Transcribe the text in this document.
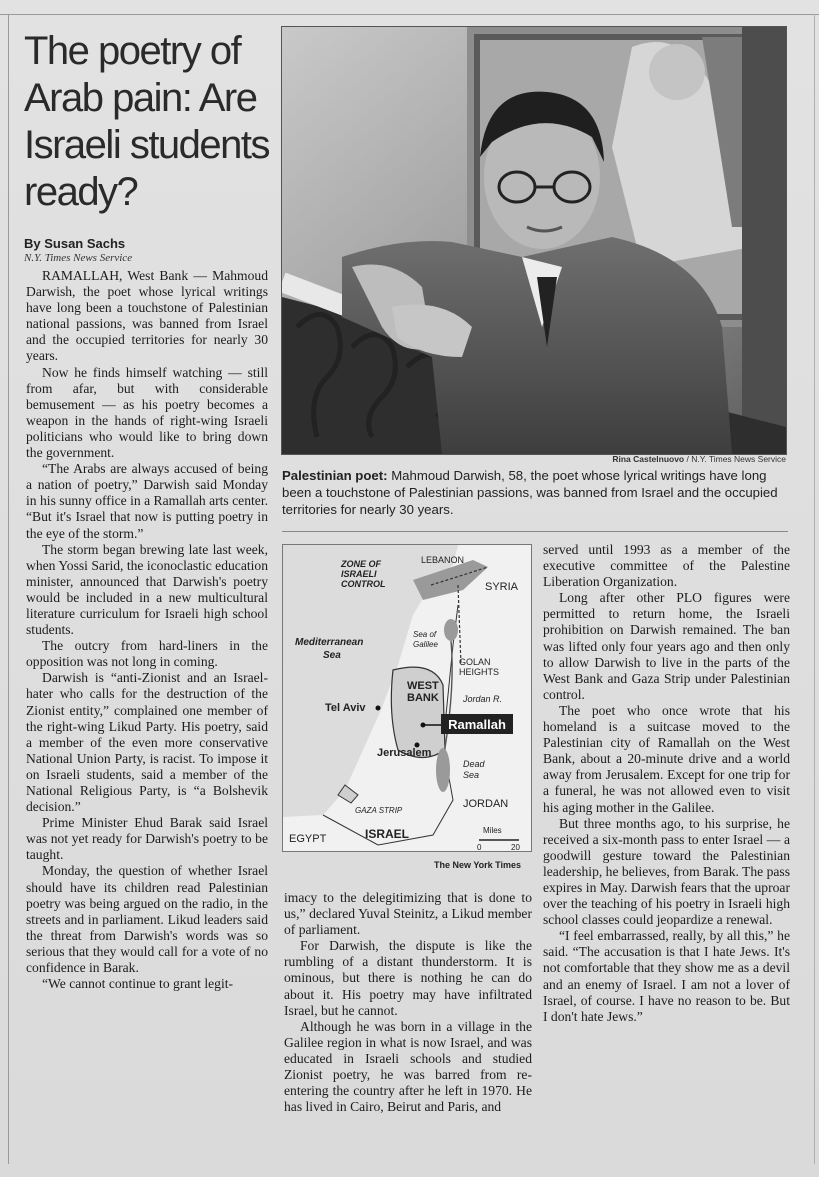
The poetry of Arab pain: Are Israeli students ready?
By Susan Sachs
N.Y. Times News Service

RAMALLAH, West Bank — Mahmoud Darwish, the poet whose lyrical writings have long been a touchstone of Palestinian national passions, was banned from Israel and the occupied territories for nearly 30 years.

Now he finds himself watching — still from afar, but with considerable bemusement — as his poetry becomes a weapon in the hands of right-wing Israeli politicians who would like to bring down the government.

“The Arabs are always accused of being a nation of poetry,” Darwish said Monday in his sunny office in a Ramallah arts center. “But it's Israel that now is putting poetry in the eye of the storm.”

The storm began brewing late last week, when Yossi Sarid, the iconoclastic education minister, announced that Darwish's poetry would be included in a new multicultural literature curriculum for Israeli high school students.

The outcry from hard-liners in the opposition was not long in coming.

Darwish is “anti-Zionist and an Israel-hater who calls for the destruction of the Zionist entity,” complained one member of the right-wing Likud Party. His poetry, said a member of the even more conservative National Union Party, is racist. To impose it on Israeli students, said a member of the National Religious Party, is “a Bolshevik decision.”

Prime Minister Ehud Barak said Israel was not yet ready for Darwish's poetry to be taught.

Monday, the question of whether Israel should have its children read Palestinian poetry was being argued on the radio, in the streets and in parliament. Likud leaders said the threat from Darwish's words was so serious that they would call for a vote of no confidence in Barak.

“We cannot continue to grant legit-

Rina Castelnuovo / N.Y. Times News Service
Palestinian poet: Mahmoud Darwish, 58, the poet whose lyrical writings have long been a touchstone of Palestinian passions, was banned from Israel and the occupied territories for nearly 30 years.
Ramallah
ZONE OF
ISRAELI
CONTROL
LEBANON
SYRIA
Sea of
Galilee
Mediterranean
Sea
GOLAN
HEIGHTS
WEST
BANK	Jordan R.
Tel Aviv
Jerusalem
Dead
Sea
GAZA STRIP
JORDAN
EGYPT	ISRAEL	Miles
0	20
The New York Times

imacy to the delegitimizing that is done to us,” declared Yuval Steinitz, a Likud member of parliament.

For Darwish, the dispute is like the rumbling of a distant thunderstorm. It is ominous, but there is nothing he can do about it. His poetry may have infiltrated Israel, but he cannot.

Although he was born in a village in the Galilee region in what is now Israel, and was educated in Israeli schools and studied Zionist poetry, he was barred from re-entering the country after he left in 1970. He has lived in Cairo, Beirut and Paris, and

served until 1993 as a member of the executive committee of the Palestine Liberation Organization.

Long after other PLO figures were permitted to return home, the Israeli prohibition on Darwish remained. The ban was lifted only four years ago and then only to allow Darwish to live in the parts of the West Bank and Gaza Strip under Palestinian control.

The poet who once wrote that his homeland is a suitcase moved to the Palestinian city of Ramallah on the West Bank, about a 20-minute drive and a world away from Jerusalem. Except for one trip for a funeral, he was not allowed even to visit his aging mother in the Galilee.

But three months ago, to his surprise, he received a six-month pass to enter Israel — a goodwill gesture toward the Palestinian leadership, he believes, from Barak. The pass expires in May. Darwish fears that the uproar over the teaching of his poetry in Israeli high school classes could jeopardize a renewal.

“I feel embarrassed, really, by all this,” he said. “The accusation is that I hate Jews. It's not comfortable that they show me as a devil and an enemy of Israel. I am not a lover of Israel, of course. I have no reason to be. But I don't hate Jews.”
